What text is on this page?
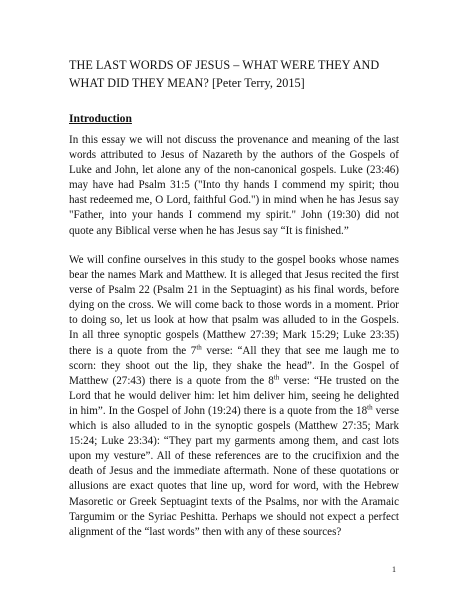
THE LAST WORDS OF JESUS – WHAT WERE THEY AND WHAT DID THEY MEAN? [Peter Terry, 2015]
Introduction

In this essay we will not discuss the provenance and meaning of the last words attributed to Jesus of Nazareth by the authors of the Gospels of Luke and John, let alone any of the non-canonical gospels. Luke (23:46) may have had Psalm 31:5 ("Into thy hands I commend my spirit; thou hast redeemed me, O Lord, faithful God.") in mind when he has Jesus say "Father, into your hands I commend my spirit." John (19:30) did not quote any Biblical verse when he has Jesus say “It is finished.”

We will confine ourselves in this study to the gospel books whose names bear the names Mark and Matthew. It is alleged that Jesus recited the first verse of Psalm 22 (Psalm 21 in the Septuagint) as his final words, before dying on the cross. We will come back to those words in a moment. Prior to doing so, let us look at how that psalm was alluded to in the Gospels. In all three synoptic gospels (Matthew 27:39; Mark 15:29; Luke 23:35) there is a quote from the 7th verse: “All they that see me laugh me to scorn: they shoot out the lip, they shake the head”. In the Gospel of Matthew (27:43) there is a quote from the 8th verse: “He trusted on the Lord that he would deliver him: let him deliver him, seeing he delighted in him”. In the Gospel of John (19:24) there is a quote from the 18th verse which is also alluded to in the synoptic gospels (Matthew 27:35; Mark 15:24; Luke 23:34): “They part my garments among them, and cast lots upon my vesture”. All of these references are to the crucifixion and the death of Jesus and the immediate aftermath. None of these quotations or allusions are exact quotes that line up, word for word, with the Hebrew Masoretic or Greek Septuagint texts of the Psalms, nor with the Aramaic Targumim or the Syriac Peshitta. Perhaps we should not expect a perfect alignment of the “last words” then with any of these sources?

1
